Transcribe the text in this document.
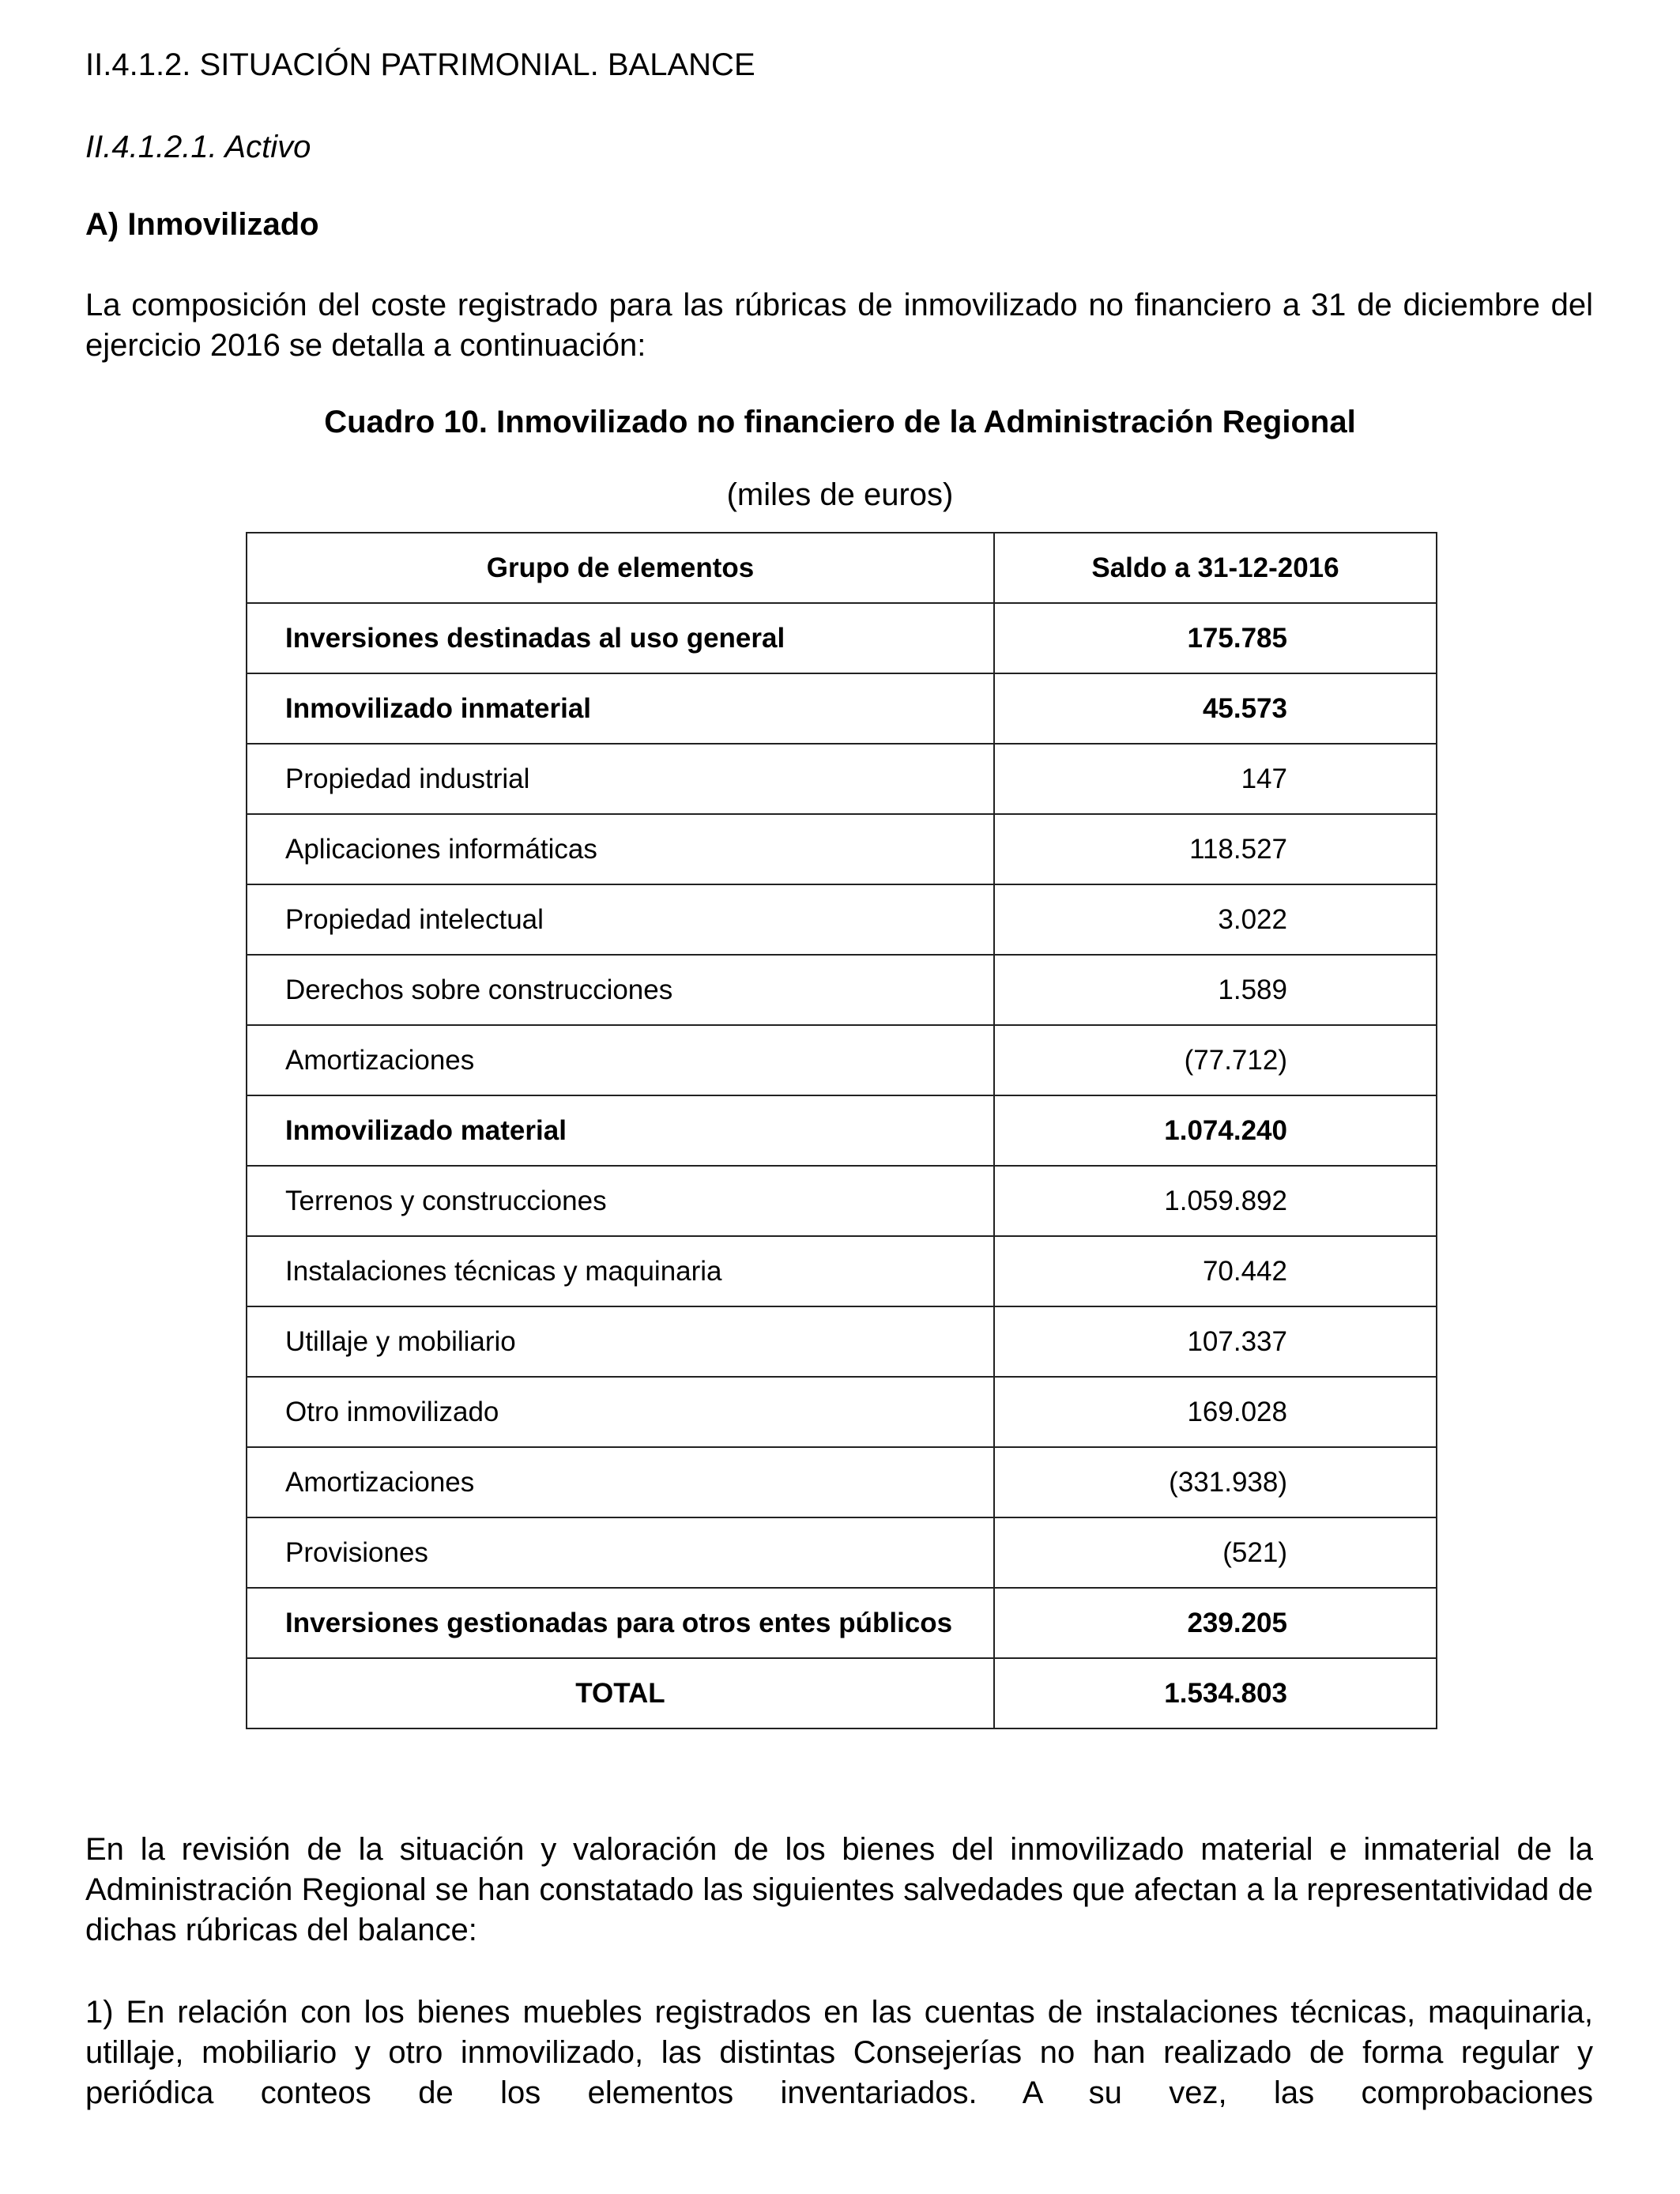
II.4.1.2. SITUACIÓN PATRIMONIAL. BALANCE

II.4.1.2.1. Activo

A) Inmovilizado

La composición del coste registrado para las rúbricas de inmovilizado no financiero a 31 de diciembre del ejercicio 2016 se detalla a continuación:

Cuadro 10. Inmovilizado no financiero de la Administración Regional

(miles de euros)

Grupo de elementos	Saldo a 31-12-2016
Inversiones destinadas al uso general	175.785
Inmovilizado inmaterial	45.573
Propiedad industrial	147
Aplicaciones informáticas	118.527
Propiedad intelectual	3.022
Derechos sobre construcciones	1.589
Amortizaciones	(77.712)
Inmovilizado material	1.074.240
Terrenos y construcciones	1.059.892
Instalaciones técnicas y maquinaria	70.442
Utillaje y mobiliario	107.337
Otro inmovilizado	169.028
Amortizaciones	(331.938)
Provisiones	(521)
Inversiones gestionadas para otros entes públicos	239.205
TOTAL	1.534.803

En la revisión de la situación y valoración de los bienes del inmovilizado material e inmaterial de la Administración Regional se han constatado las siguientes salvedades que afectan a la representatividad de dichas rúbricas del balance:

1) En relación con los bienes muebles registrados en las cuentas de instalaciones técnicas, maquinaria, utillaje, mobiliario y otro inmovilizado, las distintas Consejerías no han realizado de forma regular y periódica conteos de los elementos inventariados. A su vez, las comprobaciones
